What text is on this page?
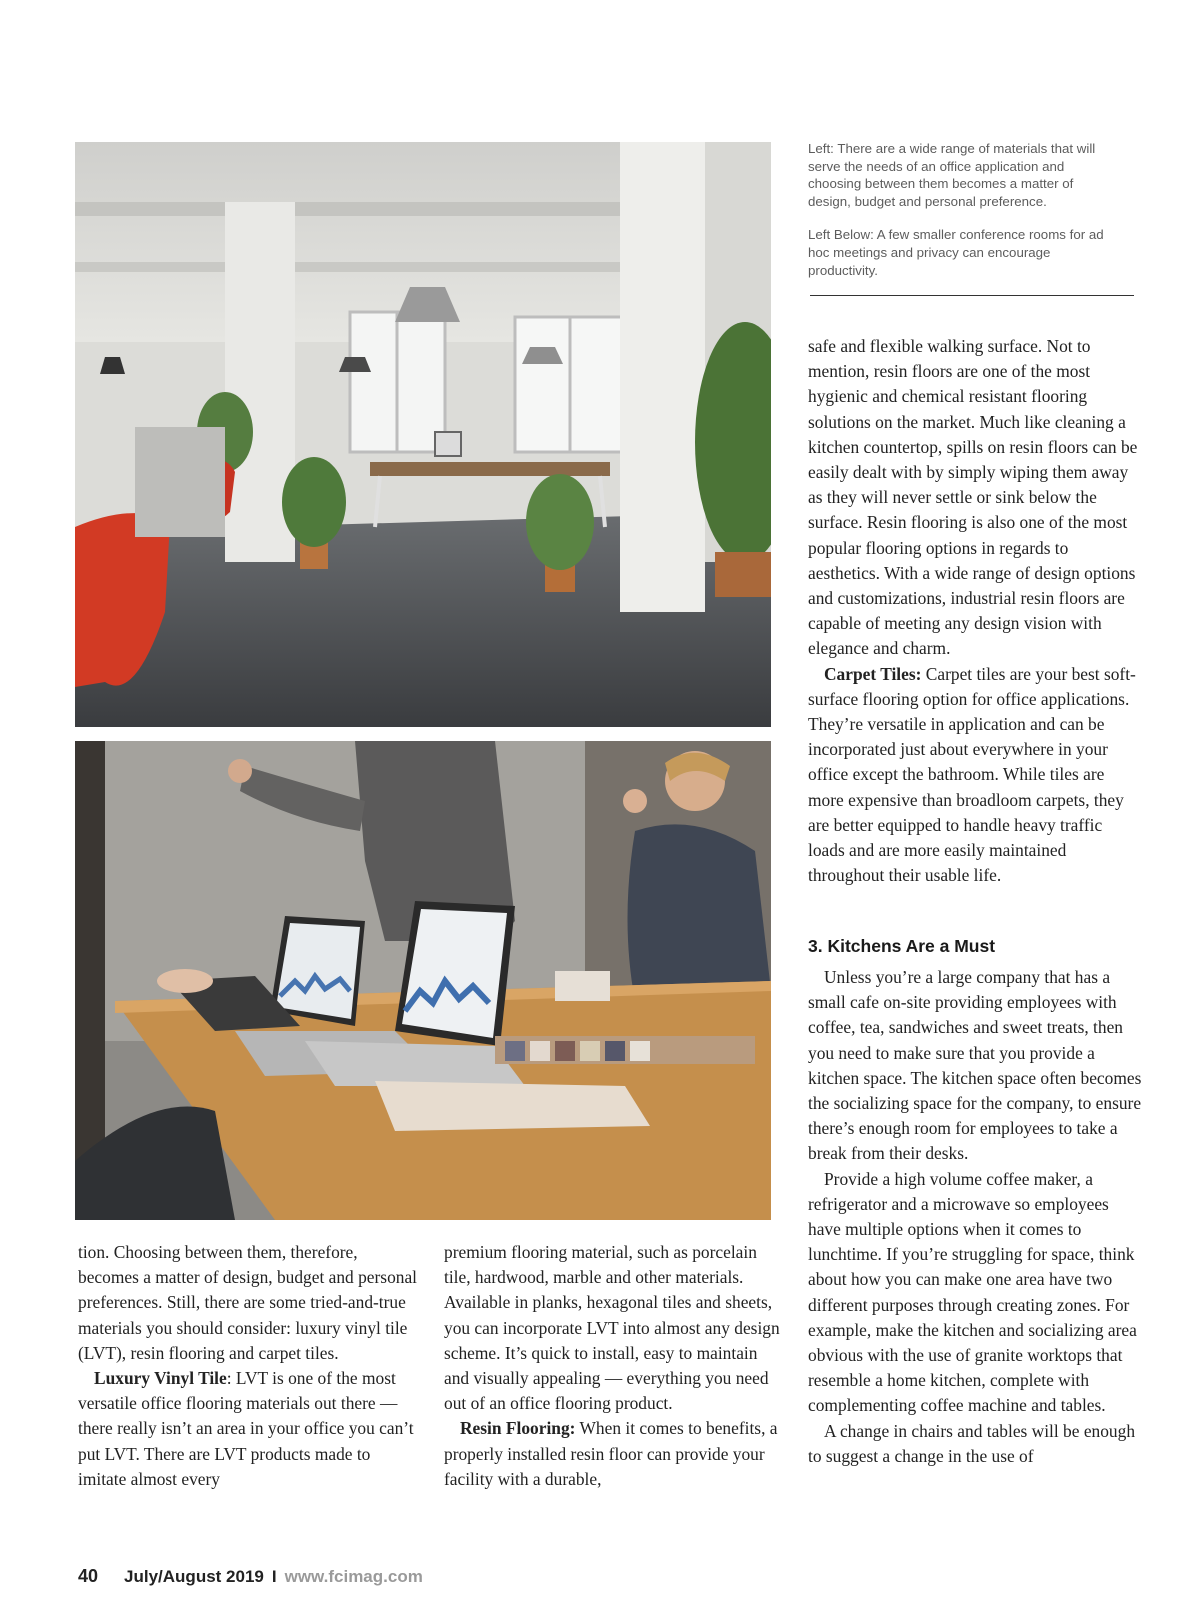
Left: There are a wide range of materials that will serve the needs of an office application and choosing between them becomes a matter of design, budget and personal preference.

Left Below: A few smaller conference rooms for ad hoc meetings and privacy can encourage productivity.

safe and flexible walking surface. Not to mention, resin floors are one of the most hygienic and chemical resistant flooring solutions on the market. Much like cleaning a kitchen countertop, spills on resin floors can be easily dealt with by simply wiping them away as they will never settle or sink below the surface. Resin flooring is also one of the most popular flooring options in regards to aesthetics. With a wide range of design options and customizations, industrial resin floors are capable of meeting any design vision with elegance and charm.

Carpet Tiles: Carpet tiles are your best soft-surface flooring option for office applications. They’re versatile in application and can be incorporated just about everywhere in your office except the bathroom. While tiles are more expensive than broadloom carpets, they are better equipped to handle heavy traffic loads and are more easily maintained throughout their usable life.

3. Kitchens Are a Must

Unless you’re a large company that has a small cafe on-site providing employees with coffee, tea, sandwiches and sweet treats, then you need to make sure that you provide a kitchen space. The kitchen space often becomes the socializing space for the company, to ensure there’s enough room for employees to take a break from their desks.

Provide a high volume coffee maker, a refrigerator and a microwave so employees have multiple options when it comes to lunchtime. If you’re struggling for space, think about how you can make one area have two different purposes through creating zones. For example, make the kitchen and socializing area obvious with the use of granite worktops that resemble a home kitchen, complete with complementing coffee machine and tables.

A change in chairs and tables will be enough to suggest a change in the use of

tion. Choosing between them, therefore, becomes a matter of design, budget and personal preferences. Still, there are some tried-and-true materials you should consider: luxury vinyl tile (LVT), resin flooring and carpet tiles.

Luxury Vinyl Tile: LVT is one of the most versatile office flooring materials out there — there really isn’t an area in your office you can’t put LVT. There are LVT products made to imitate almost every

premium flooring material, such as porcelain tile, hardwood, marble and other materials. Available in planks, hexagonal tiles and sheets, you can incorporate LVT into almost any design scheme. It’s quick to install, easy to maintain and visually appealing — everything you need out of an office flooring product.

Resin Flooring: When it comes to benefits, a properly installed resin floor can provide your facility with a durable,

40 July/August 2019 I www.fcimag.com
